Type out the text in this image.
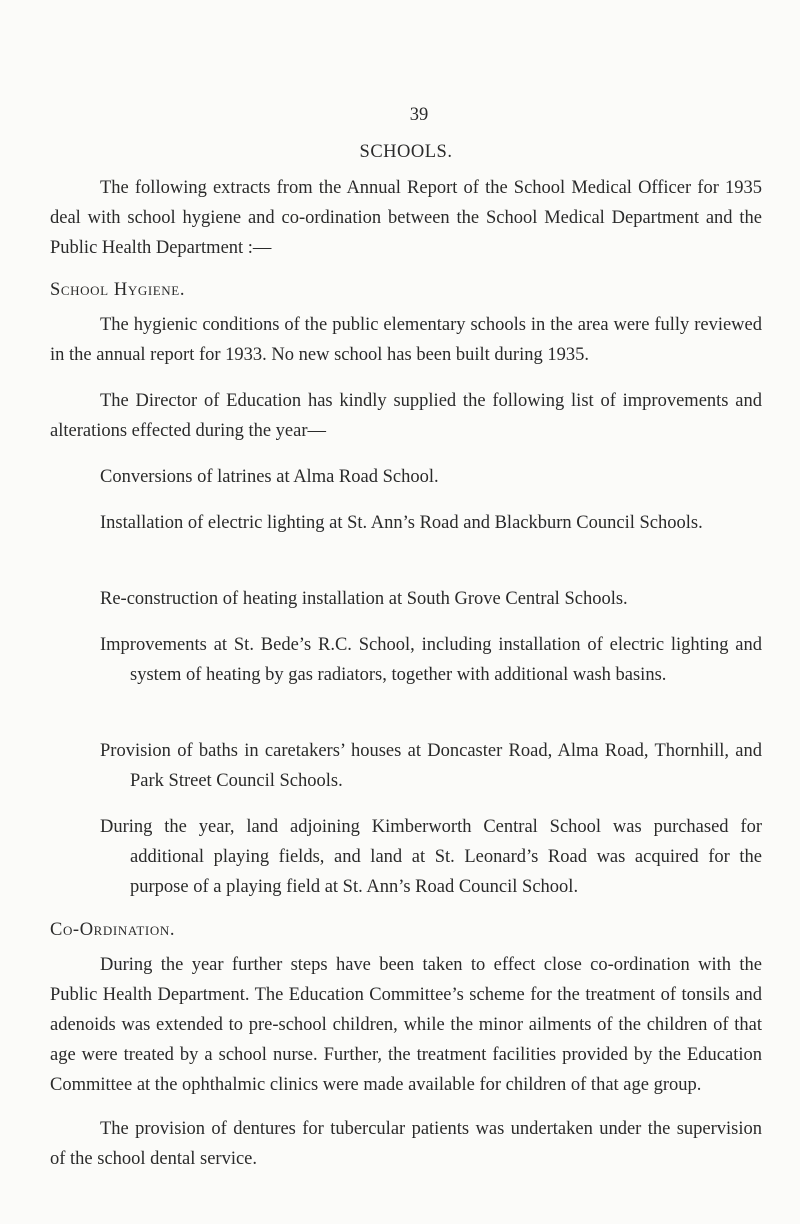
39
SCHOOLS.

The following extracts from the Annual Report of the School Medical Officer for 1935 deal with school hygiene and co-ordination between the School Medical Department and the Public Health Department :—

School Hygiene.

The hygienic conditions of the public elementary schools in the area were fully reviewed in the annual report for 1933. No new school has been built during 1935.

The Director of Education has kindly supplied the following list of improvements and alterations effected during the year—

Conversions of latrines at Alma Road School.

Installation of electric lighting at St. Ann’s Road and Blackburn Council Schools.

Re-construction of heating installation at South Grove Central Schools.

Improvements at St. Bede’s R.C. School, including installation of electric lighting and system of heating by gas radiators, together with additional wash basins.

Provision of baths in caretakers’ houses at Doncaster Road, Alma Road, Thornhill, and Park Street Council Schools.

During the year, land adjoining Kimberworth Central School was purchased for additional playing fields, and land at St. Leonard’s Road was acquired for the purpose of a playing field at St. Ann’s Road Council School.

Co-Ordination.

During the year further steps have been taken to effect close co-ordination with the Public Health Department. The Education Committee’s scheme for the treatment of tonsils and adenoids was extended to pre-school children, while the minor ailments of the children of that age were treated by a school nurse. Further, the treatment facilities provided by the Education Committee at the ophthalmic clinics were made available for children of that age group.

The provision of dentures for tubercular patients was undertaken under the supervision of the school dental service.
